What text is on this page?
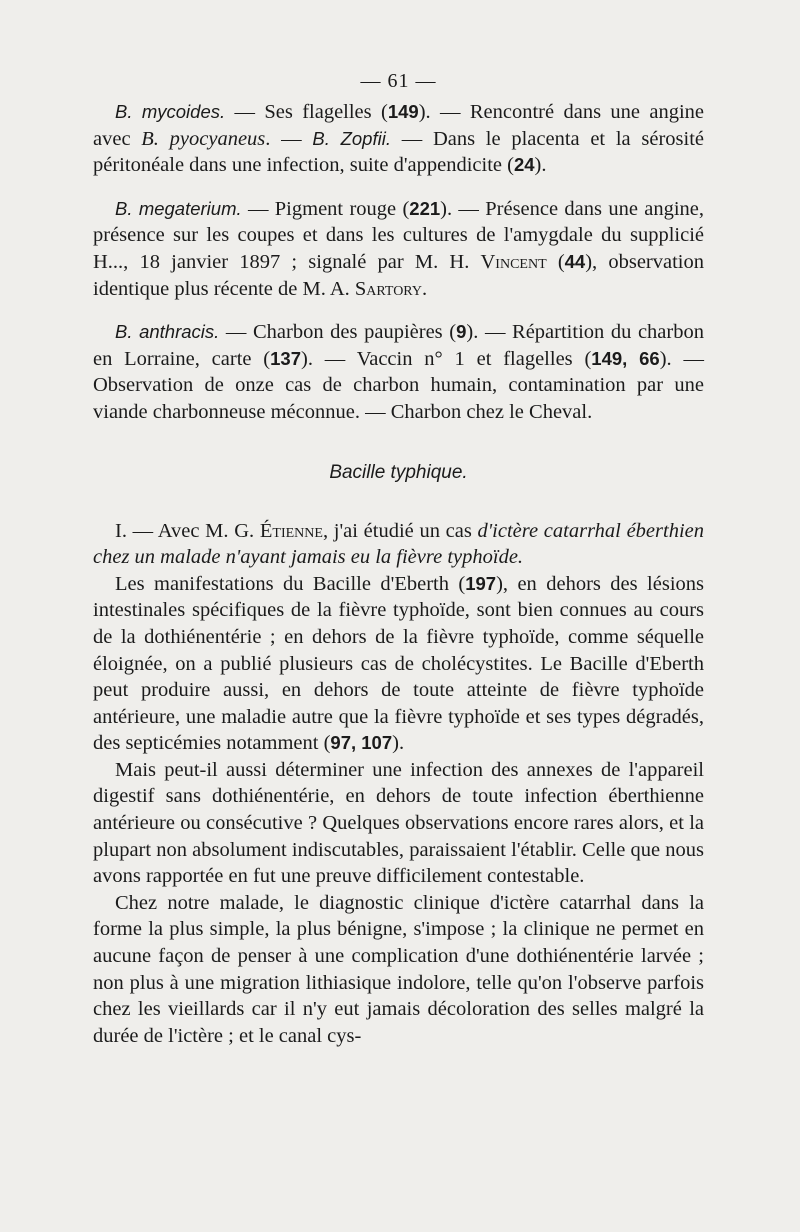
— 61 —

B. mycoides. — Ses flagelles (149). — Rencontré dans une angine avec B. pyocyaneus. — B. Zopfii. — Dans le placenta et la sérosité péritonéale dans une infection, suite d'appendicite (24).

B. megaterium. — Pigment rouge (221). — Présence dans une angine, présence sur les coupes et dans les cultures de l'amygdale du supplicié H..., 18 janvier 1897 ; signalé par M. H. Vincent (44), observation identique plus récente de M. A. Sartory.

B. anthracis. — Charbon des paupières (9). — Répartition du charbon en Lorraine, carte (137). — Vaccin n° 1 et flagelles (149, 66). — Observation de onze cas de charbon humain, contamination par une viande charbonneuse méconnue. — Charbon chez le Cheval.

Bacille typhique.

I. — Avec M. G. Étienne, j'ai étudié un cas d'ictère catarrhal éberthien chez un malade n'ayant jamais eu la fièvre typhoïde.

Les manifestations du Bacille d'Eberth (197), en dehors des lésions intestinales spécifiques de la fièvre typhoïde, sont bien connues au cours de la dothiénentérie ; en dehors de la fièvre typhoïde, comme séquelle éloignée, on a publié plusieurs cas de cholécystites. Le Bacille d'Eberth peut produire aussi, en dehors de toute atteinte de fièvre typhoïde antérieure, une maladie autre que la fièvre typhoïde et ses types dégradés, des septicémies notamment (97, 107).

Mais peut-il aussi déterminer une infection des annexes de l'appareil digestif sans dothiénentérie, en dehors de toute infection éberthienne antérieure ou consécutive ? Quelques observations encore rares alors, et la plupart non absolument indiscutables, paraissaient l'établir. Celle que nous avons rapportée en fut une preuve difficilement contestable.

Chez notre malade, le diagnostic clinique d'ictère catarrhal dans la forme la plus simple, la plus bénigne, s'impose ; la clinique ne permet en aucune façon de penser à une complication d'une dothiénentérie larvée ; non plus à une migration lithiasique indolore, telle qu'on l'observe parfois chez les vieillards car il n'y eut jamais décoloration des selles malgré la durée de l'ictère ; et le canal cys-
